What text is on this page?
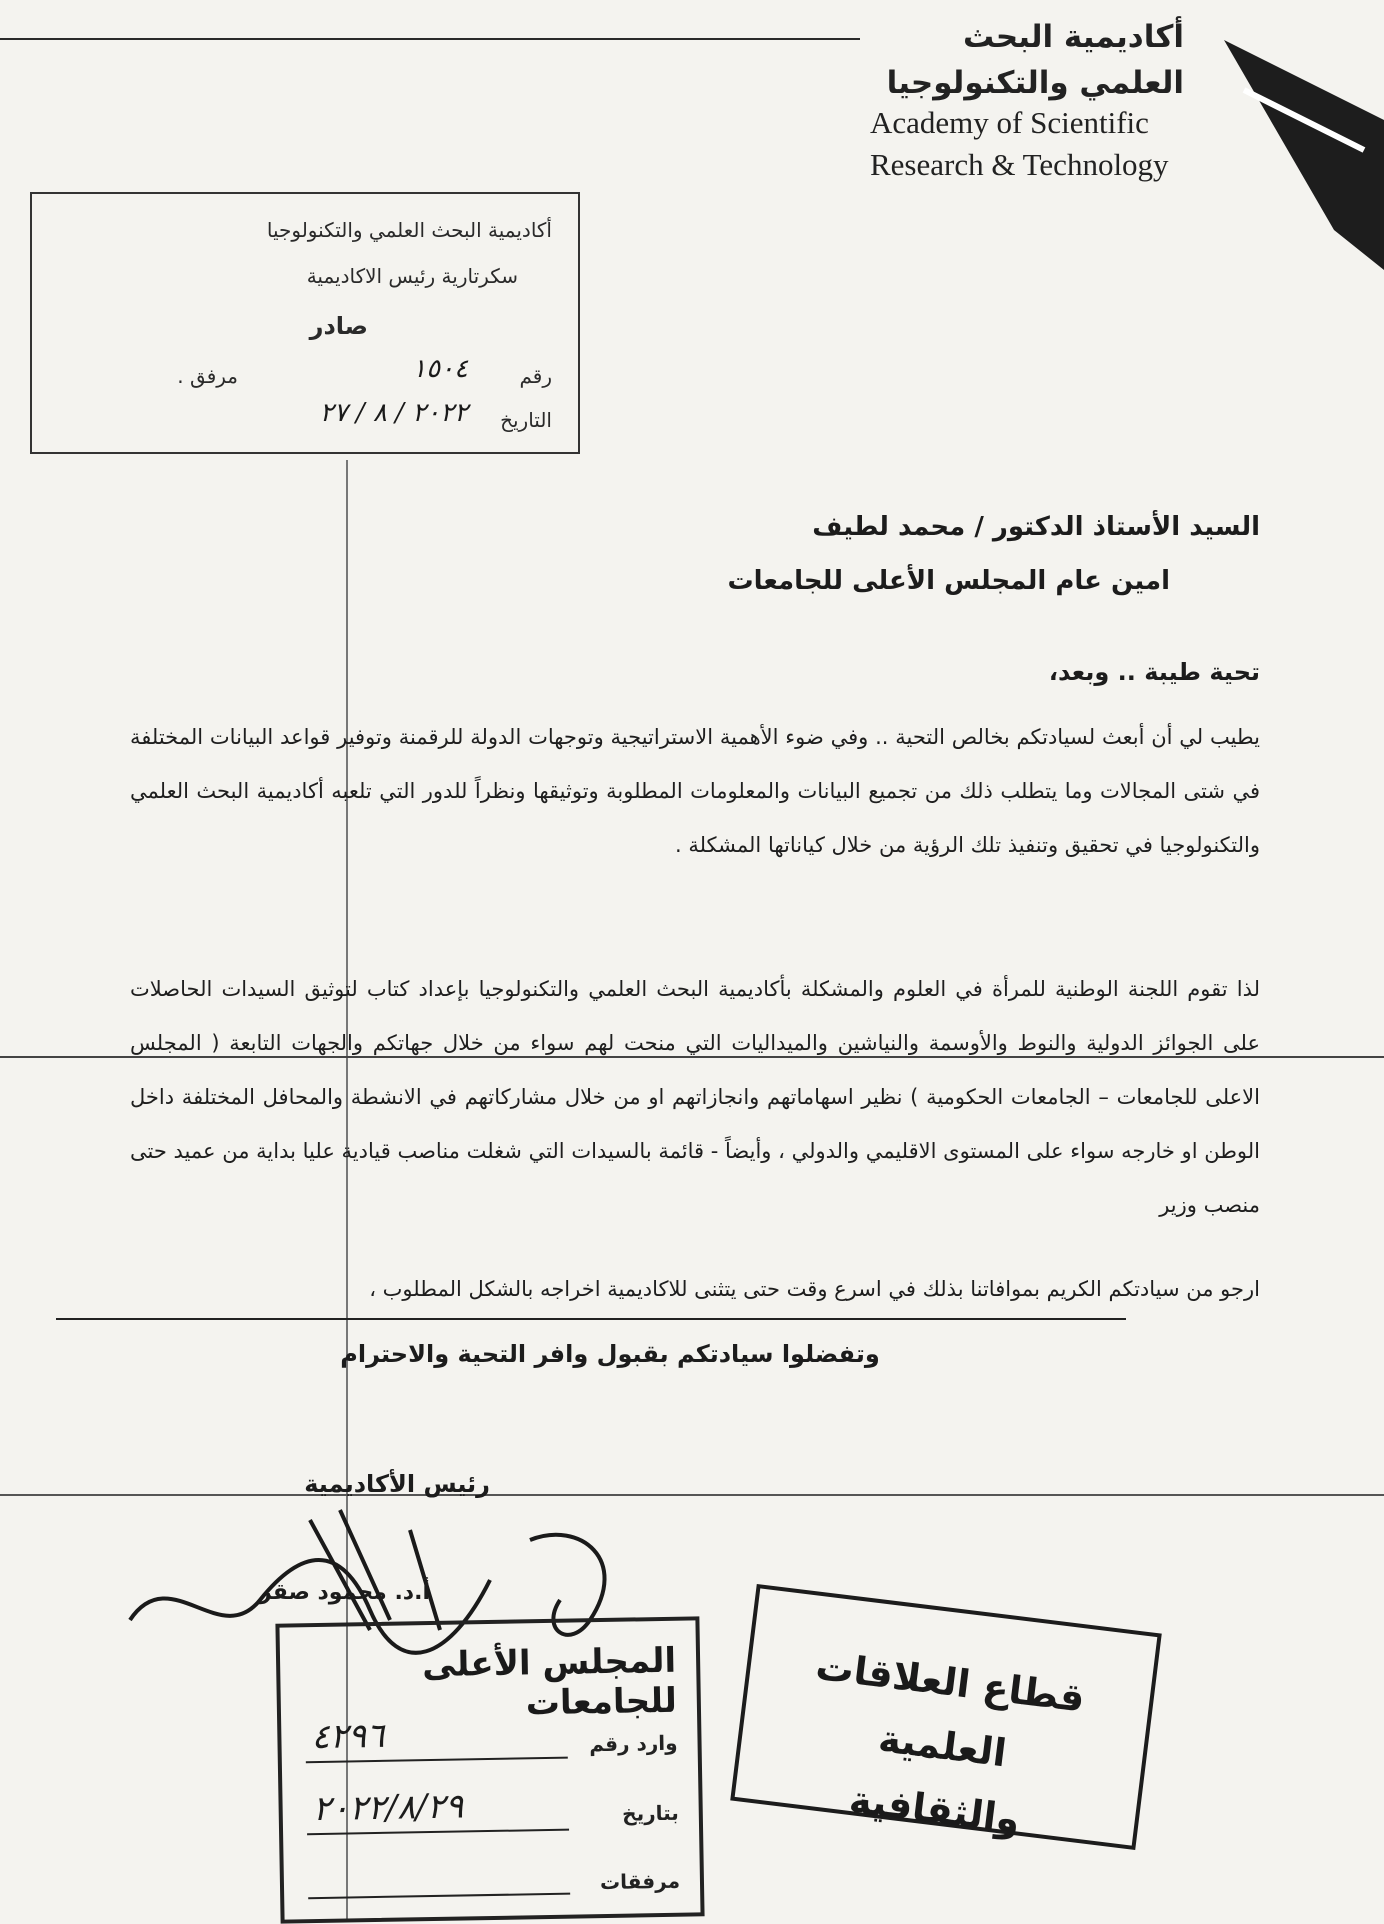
أكاديمية البحث
العلمي والتكنولوجيا
Academy of Scientific
Research & Technology
أكاديمية البحث العلمي والتكنولوجيا
سكرتارية رئيس الاكاديمية
صادر
رقم
١٥٠٤
مرفق .
التاريخ
٢٠٢٢ / ٨ / ٢٧
السيد الأستاذ الدكتور / محمد لطيف
امين عام المجلس الأعلى للجامعات
تحية طيبة .. وبعد،
يطيب لي أن أبعث لسيادتكم بخالص التحية .. وفي ضوء الأهمية الاستراتيجية وتوجهات الدولة للرقمنة وتوفير قواعد البيانات المختلفة في شتى المجالات وما يتطلب ذلك من تجميع البيانات والمعلومات المطلوبة وتوثيقها ونظراً للدور التي تلعبه أكاديمية البحث العلمي والتكنولوجيا في تحقيق وتنفيذ تلك الرؤية من خلال كياناتها المشكلة .
لذا تقوم اللجنة الوطنية للمرأة في العلوم والمشكلة بأكاديمية البحث العلمي والتكنولوجيا بإعداد كتاب لتوثيق السيدات الحاصلات على الجوائز الدولية والنوط والأوسمة والنياشين والميداليات التي منحت لهم سواء من خلال جهاتكم والجهات التابعة ( المجلس الاعلى للجامعات – الجامعات الحكومية ) نظير اسهاماتهم وانجازاتهم او من خلال مشاركاتهم في الانشطة والمحافل المختلفة داخل الوطن او خارجه سواء على المستوى الاقليمي والدولي ، وأيضاً - قائمة بالسيدات التي شغلت مناصب قيادية عليا بداية من عميد حتى منصب وزير
ارجو من سيادتكم الكريم بموافاتنا بذلك في اسرع وقت حتى يتثنى للاكاديمية اخراجه بالشكل المطلوب ،
وتفضلوا سيادتكم بقبول وافر التحية والاحترام
رئيس الأكاديمية
أ.د. محمود صقر
المجلس الأعلى للجامعات
وارد رقم
٤٢٩٦
بتاريخ
٢٠٢٢/٨/٢٩
مرفقات
قطاع العلاقات العلمية
والثقافية
